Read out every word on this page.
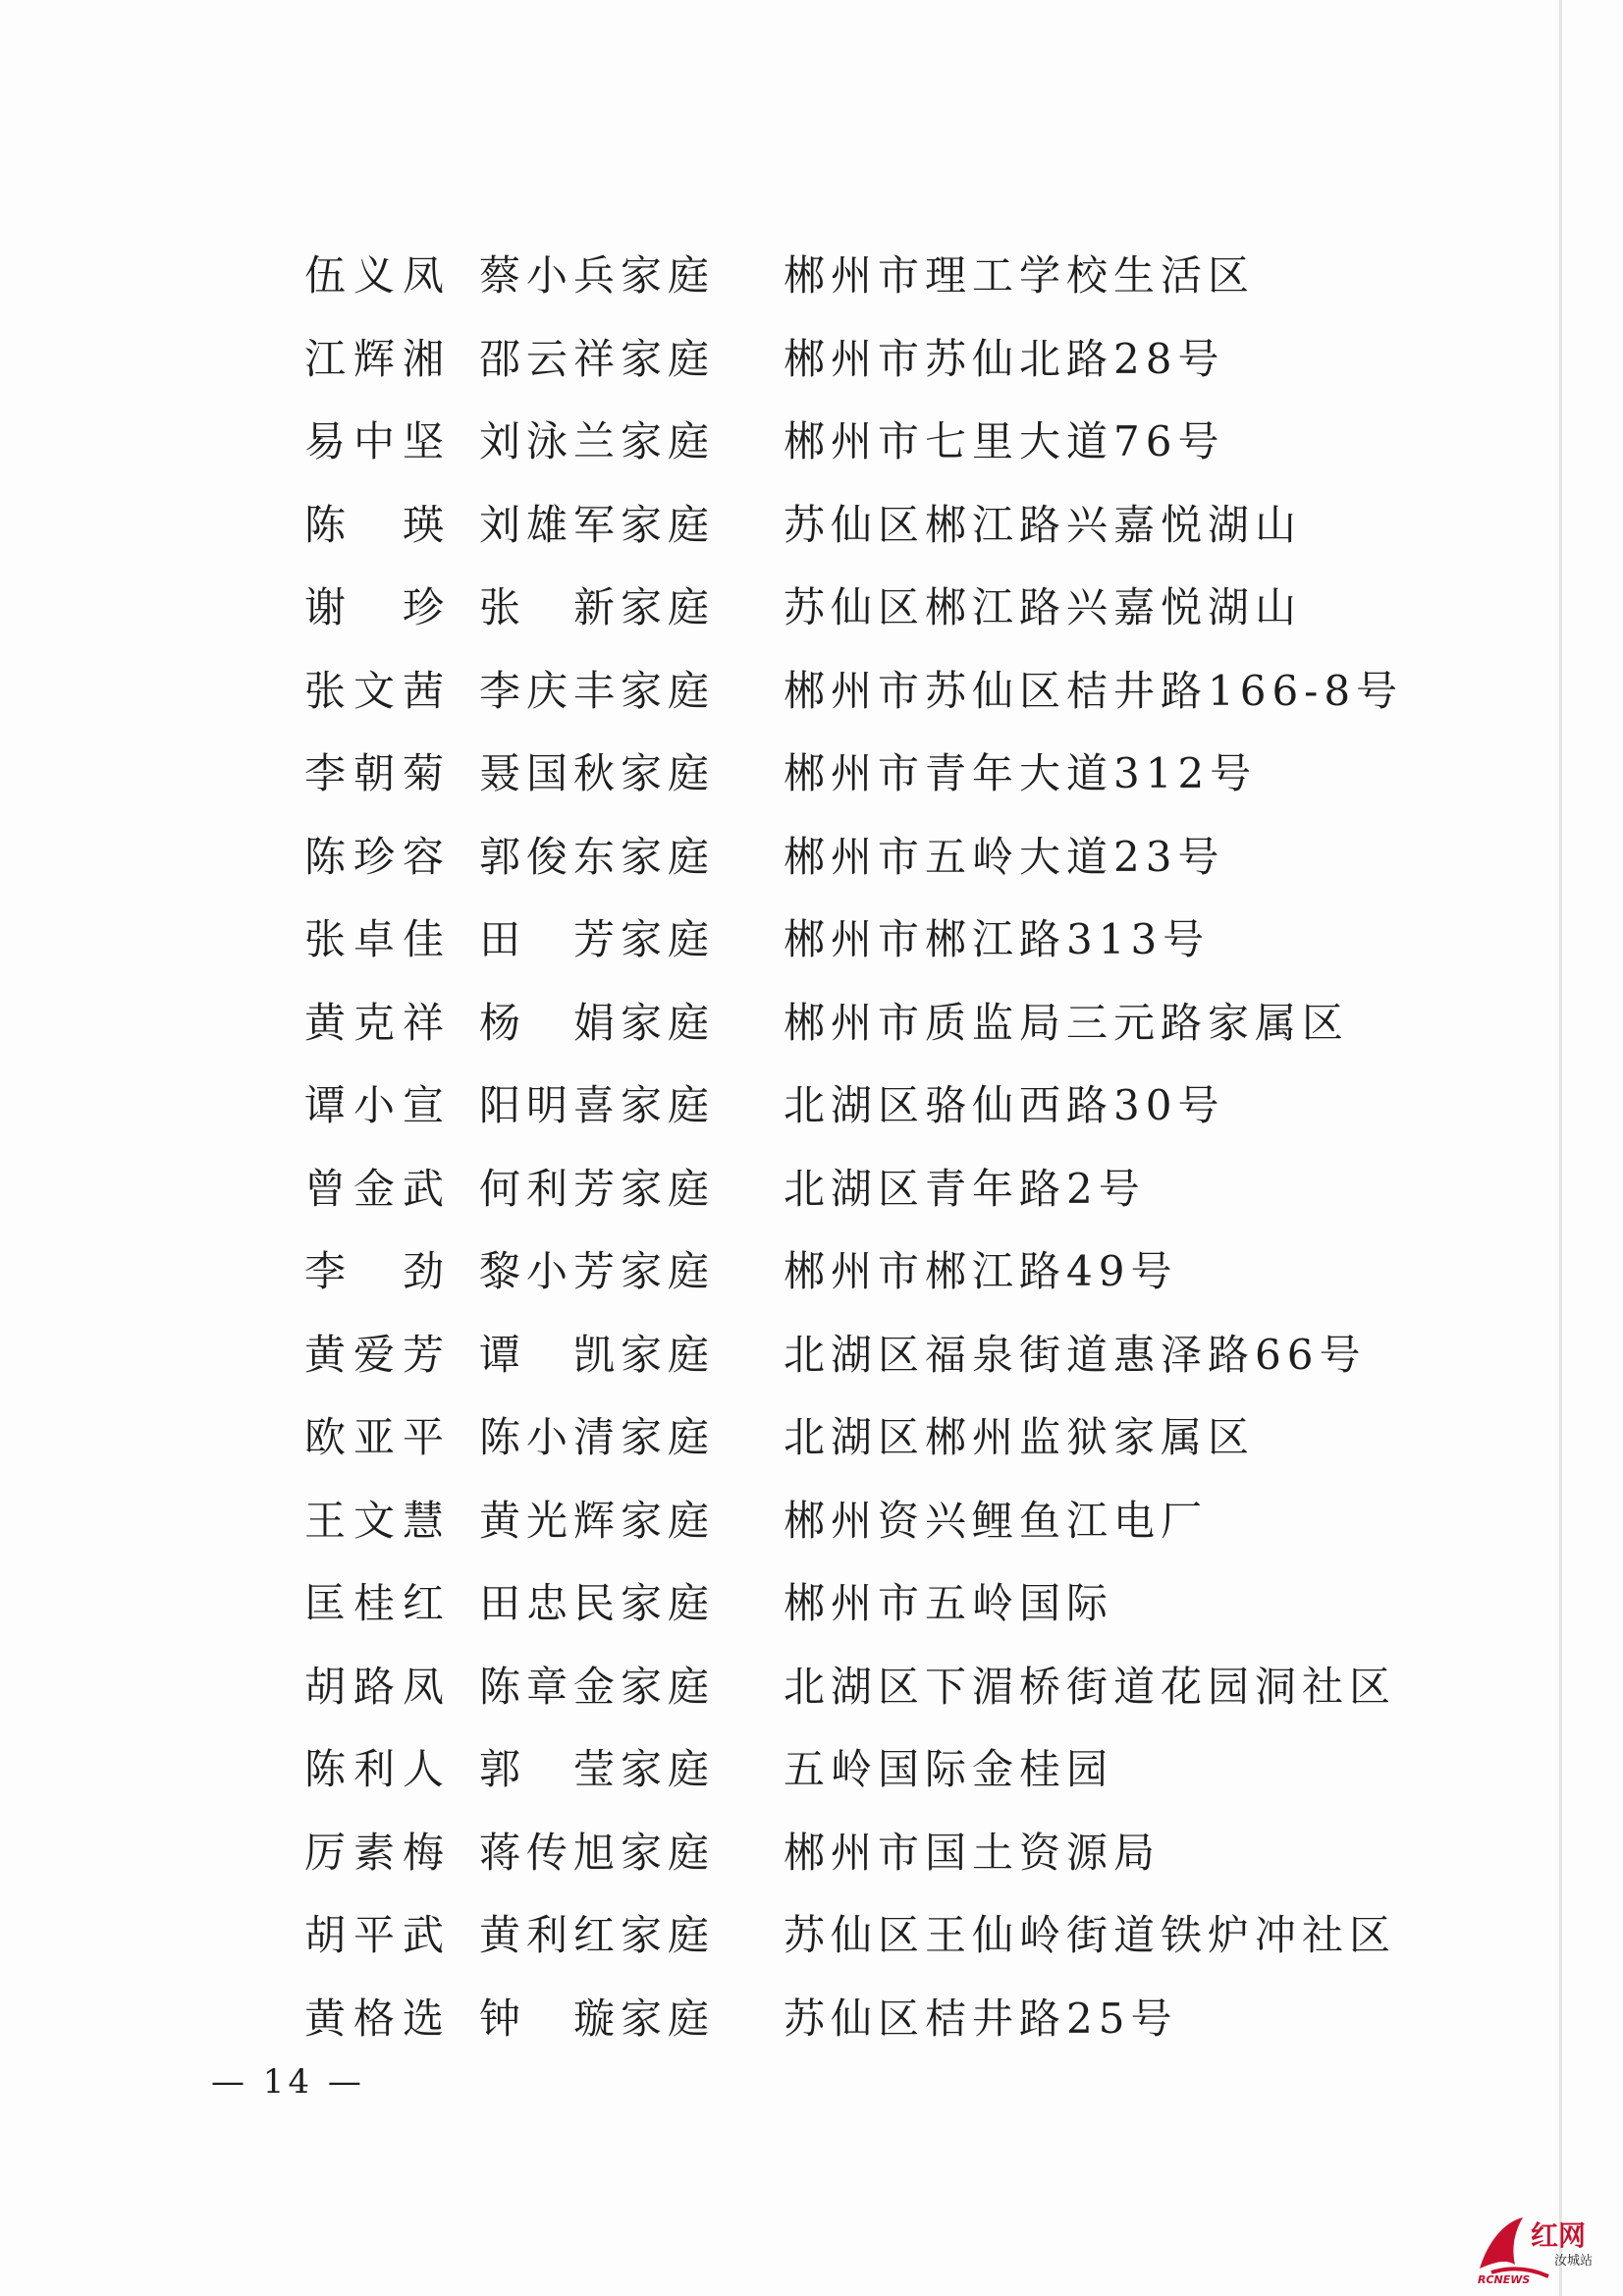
伍义凤 蔡小兵家庭 郴州市理工学校生活区
江辉湘 邵云祥家庭 郴州市苏仙北路28号
易中坚 刘泳兰家庭 郴州市七里大道76号
陈　瑛 刘雄军家庭 苏仙区郴江路兴嘉悦湖山
谢　珍 张　新家庭 苏仙区郴江路兴嘉悦湖山
张文茜 李庆丰家庭 郴州市苏仙区桔井路166-8号
李朝菊 聂国秋家庭 郴州市青年大道312号
陈珍容 郭俊东家庭 郴州市五岭大道23号
张卓佳 田　芳家庭 郴州市郴江路313号
黄克祥 杨　娟家庭 郴州市质监局三元路家属区
谭小宣 阳明喜家庭 北湖区骆仙西路30号
曾金武 何利芳家庭 北湖区青年路2号
李　劲 黎小芳家庭 郴州市郴江路49号
黄爱芳 谭　凯家庭 北湖区福泉街道惠泽路66号
欧亚平 陈小清家庭 北湖区郴州监狱家属区
王文慧 黄光辉家庭 郴州资兴鲤鱼江电厂
匡桂红 田忠民家庭 郴州市五岭国际
胡路凤 陈章金家庭 北湖区下湄桥街道花园洞社区
陈利人 郭　莹家庭 五岭国际金桂园
厉素梅 蒋传旭家庭 郴州市国土资源局
胡平武 黄利红家庭 苏仙区王仙岭街道铁炉冲社区
黄格选 钟　璇家庭 苏仙区桔井路25号
— 14 —
红网
汝城站
RCNEWS
